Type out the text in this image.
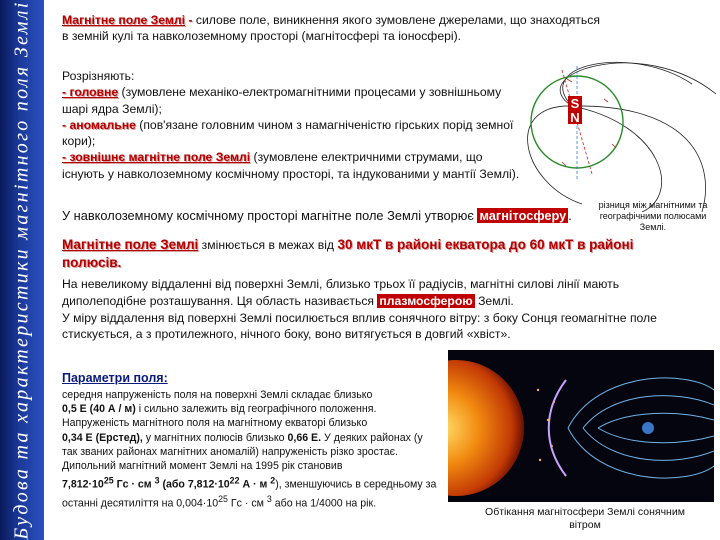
Будова та характеристики магнітного поля Землі Магнітне поле Землі - силове поле, виникнення якого зумовлене джерелами, що знаходяться в земній кулі та навколоземному просторі (магнітосфері та іоносфері).
S
N
різниця між магнітними та географічними полюсами Землі.
Розрізняють:
- головне (зумовлене механіко-електромагнітними процесами у зовнішньому шарі ядра Землі);
- аномальне (пов'язане головним чином з намагніченістю гірських порід земної кори);
- зовнішнє магнітне поле Землі (зумовлене електричними струмами, що існують у навколоземному космічному просторі, та індукованими у мантії Землі).
У навколоземному космічному просторі магнітне поле Землі утворює магнітосферу .
Магнітне поле Землі змінюється в межах від 30 мкТ в районі екватора до 60 мкТ в районі полюсів.
На невеликому віддаленні від поверхні Землі, близько трьох її радіусів, магнітні силові лінії мають диполеподібне розташування. Ця область називається плазмосферою Землі.
У міру віддалення від поверхні Землі посилюється вплив сонячного вітру: з боку Сонця геомагнітне поле стискується, а з протилежного, нічного боку, воно витягується в довгий «хвіст».
Параметри поля:
середня напруженість поля на поверхні Землі складає близько
0,5 Е (40 А / м) і сильно залежить від географічного положення.
Напруженість магнітного поля на магнітному екваторі близько
0,34 Е (Ерстед), у магнітних полюсів близько 0,66 Е. У деяких районах (у так званих районах магнітних аномалій) напруженість різко зростає.
Дипольний магнітний момент Землі на 1995 рік становив
$7,812\cdot 10^{25}$ Гс · см $^3$ (або $7,812\cdot 10^{22}$ А · м $^2$), зменшуючись в середньому за останні десятиліття на $0,004\cdot 10^{25}$ Гс · см $^3$ або на 1/4000 на рік.
Обтікання магнітосфери Землі сонячним вітром
